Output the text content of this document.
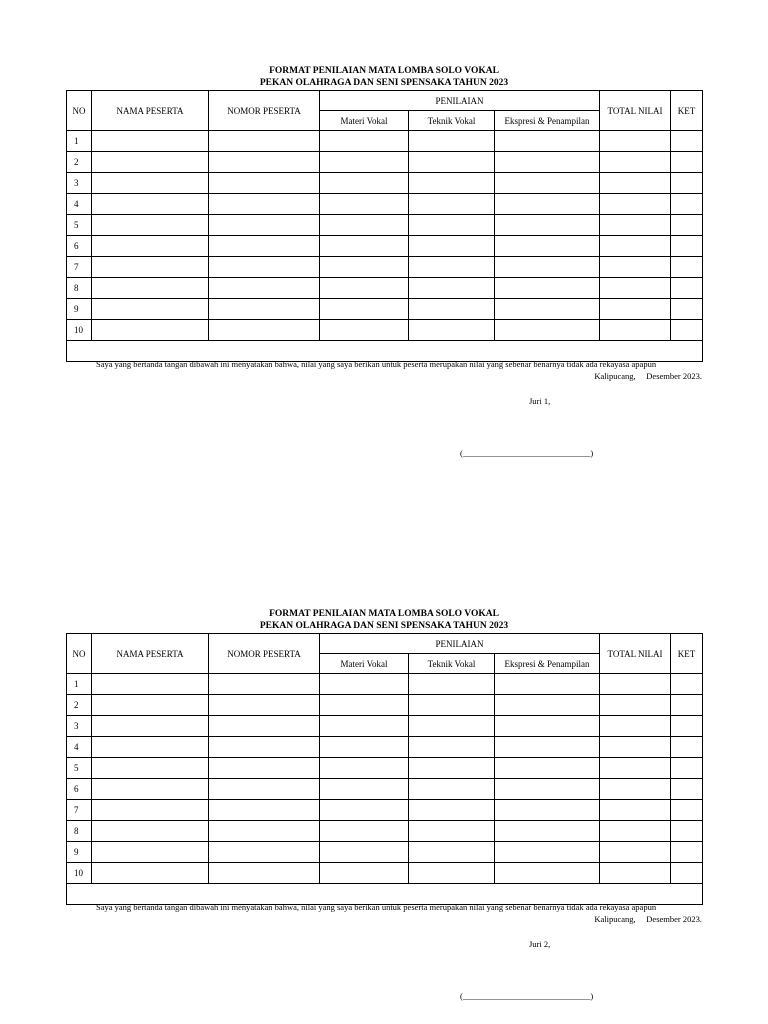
FORMAT PENILAIAN MATA LOMBA SOLO VOKAL
PEKAN OLAHRAGA DAN SENI SPENSAKA TAHUN 2023
NO	NAMA PESERTA	NOMOR PESERTA	PENILAIAN			TOTAL NILAI	KET
			Materi Vokal	Teknik Vokal	Ekspresi & Penampilan		
1							
2							
3							
4							
5							
6							
7							
8							
9							
10							

Saya yang bertanda tangan dibawah ini menyatakan bahwa, nilai yang saya berikan untuk peserta merupakan nilai yang sebenar benarnya tidak ada rekayasa apapun
Kalipucang,     Desember 2023.
Juri 1,
(______________________________)
FORMAT PENILAIAN MATA LOMBA SOLO VOKAL
PEKAN OLAHRAGA DAN SENI SPENSAKA TAHUN 2023
NO	NAMA PESERTA	NOMOR PESERTA	PENILAIAN			TOTAL NILAI	KET
			Materi Vokal	Teknik Vokal	Ekspresi & Penampilan		
1							
2							
3							
4							
5							
6							
7							
8							
9							
10							

Saya yang bertanda tangan dibawah ini menyatakan bahwa, nilai yang saya berikan untuk peserta merupakan nilai yang sebenar benarnya tidak ada rekayasa apapun
Kalipucang,     Desember 2023.
Juri 2,
(______________________________)
